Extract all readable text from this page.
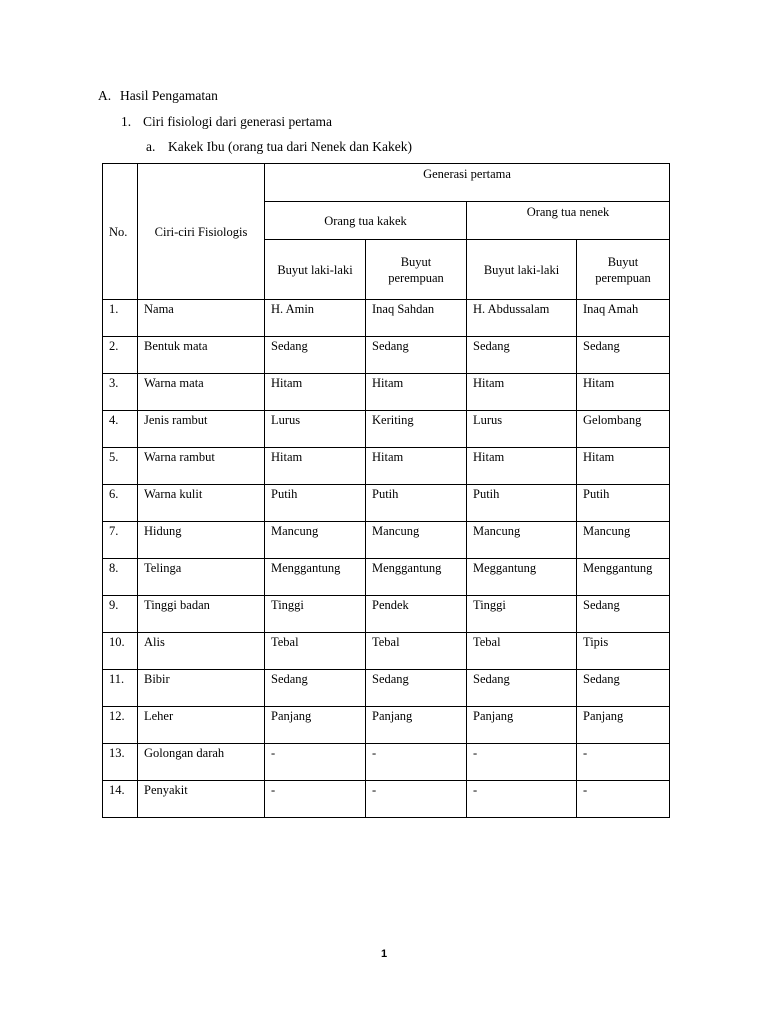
A. Hasil Pengamatan
1. Ciri fisiologi dari generasi pertama
a. Kakek Ibu (orang tua dari Nenek dan Kakek)
No.	Ciri-ciri Fisiologis	Generasi pertama			
		Orang tua kakek		Orang tua nenek	
		Buyut laki-laki	Buyut perempuan	Buyut laki-laki	Buyut perempuan
1.	Nama	H. Amin	Inaq Sahdan	H. Abdussalam	Inaq Amah
2.	Bentuk mata	Sedang	Sedang	Sedang	Sedang
3.	Warna mata	Hitam	Hitam	Hitam	Hitam
4.	Jenis rambut	Lurus	Keriting	Lurus	Gelombang
5.	Warna rambut	Hitam	Hitam	Hitam	Hitam
6.	Warna kulit	Putih	Putih	Putih	Putih
7.	Hidung	Mancung	Mancung	Mancung	Mancung
8.	Telinga	Menggantung	Menggantung	Meggantung	Menggantung
9.	Tinggi badan	Tinggi	Pendek	Tinggi	Sedang
10.	Alis	Tebal	Tebal	Tebal	Tipis
11.	Bibir	Sedang	Sedang	Sedang	Sedang
12.	Leher	Panjang	Panjang	Panjang	Panjang
13.	Golongan darah	-	-	-	-
14.	Penyakit	-	-	-	-
1
